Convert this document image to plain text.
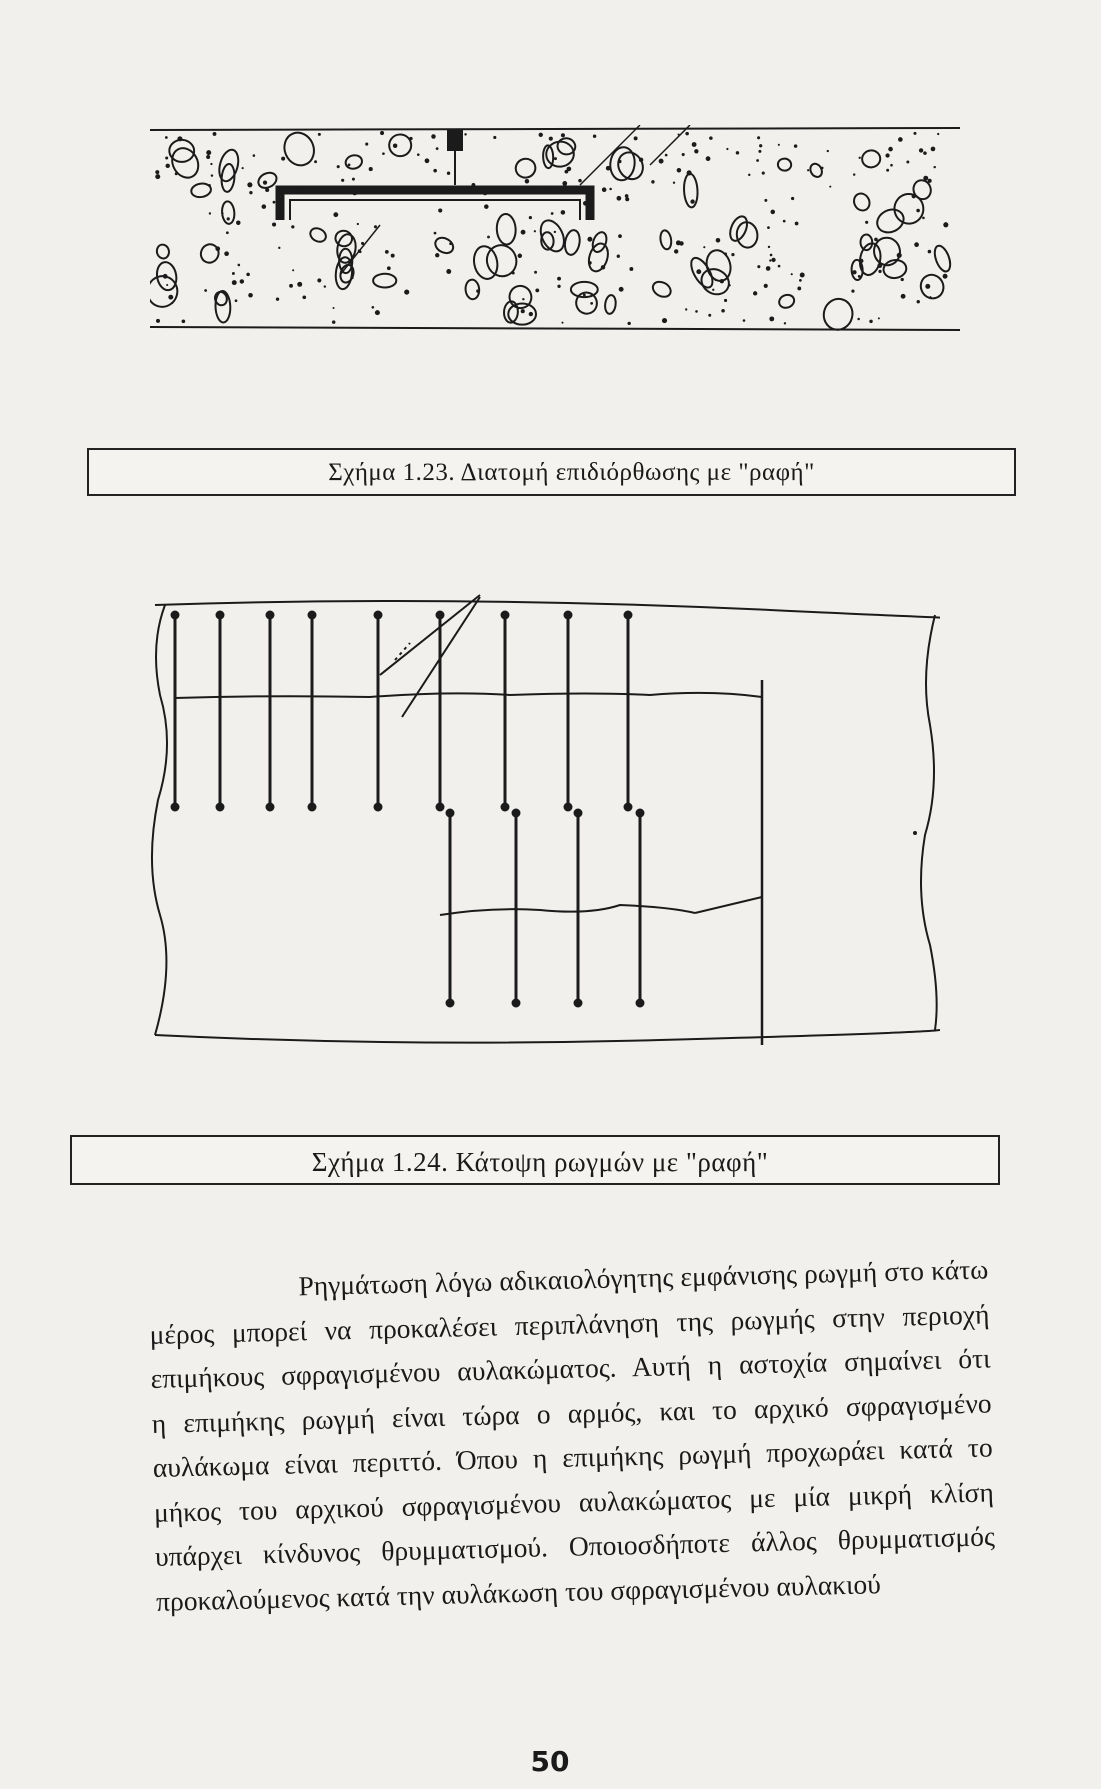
Σχήμα 1.23. Διατομή επιδιόρθωσης με "ραφή"
Σχήμα 1.24. Κάτοψη ρωγμών με "ραφή"
Ρηγμάτωση λόγω αδικαιολόγητης εμφάνισης ρωγμή στο κάτω
μέρος μπορεί να προκαλέσει περιπλάνηση της ρωγμής στην περιοχή
επιμήκους σφραγισμένου αυλακώματος. Αυτή η αστοχία σημαίνει ότι
η επιμήκης ρωγμή είναι τώρα ο αρμός, και το αρχικό σφραγισμένο
αυλάκωμα είναι περιττό. Όπου η επιμήκης ρωγμή προχωράει κατά το
μήκος του αρχικού σφραγισμένου αυλακώματος με μία μικρή κλίση
υπάρχει κίνδυνος θρυμματισμού. Οποιοσδήποτε άλλος θρυμματισμός
προκαλούμενος κατά την αυλάκωση του σφραγισμένου αυλακιού
50
